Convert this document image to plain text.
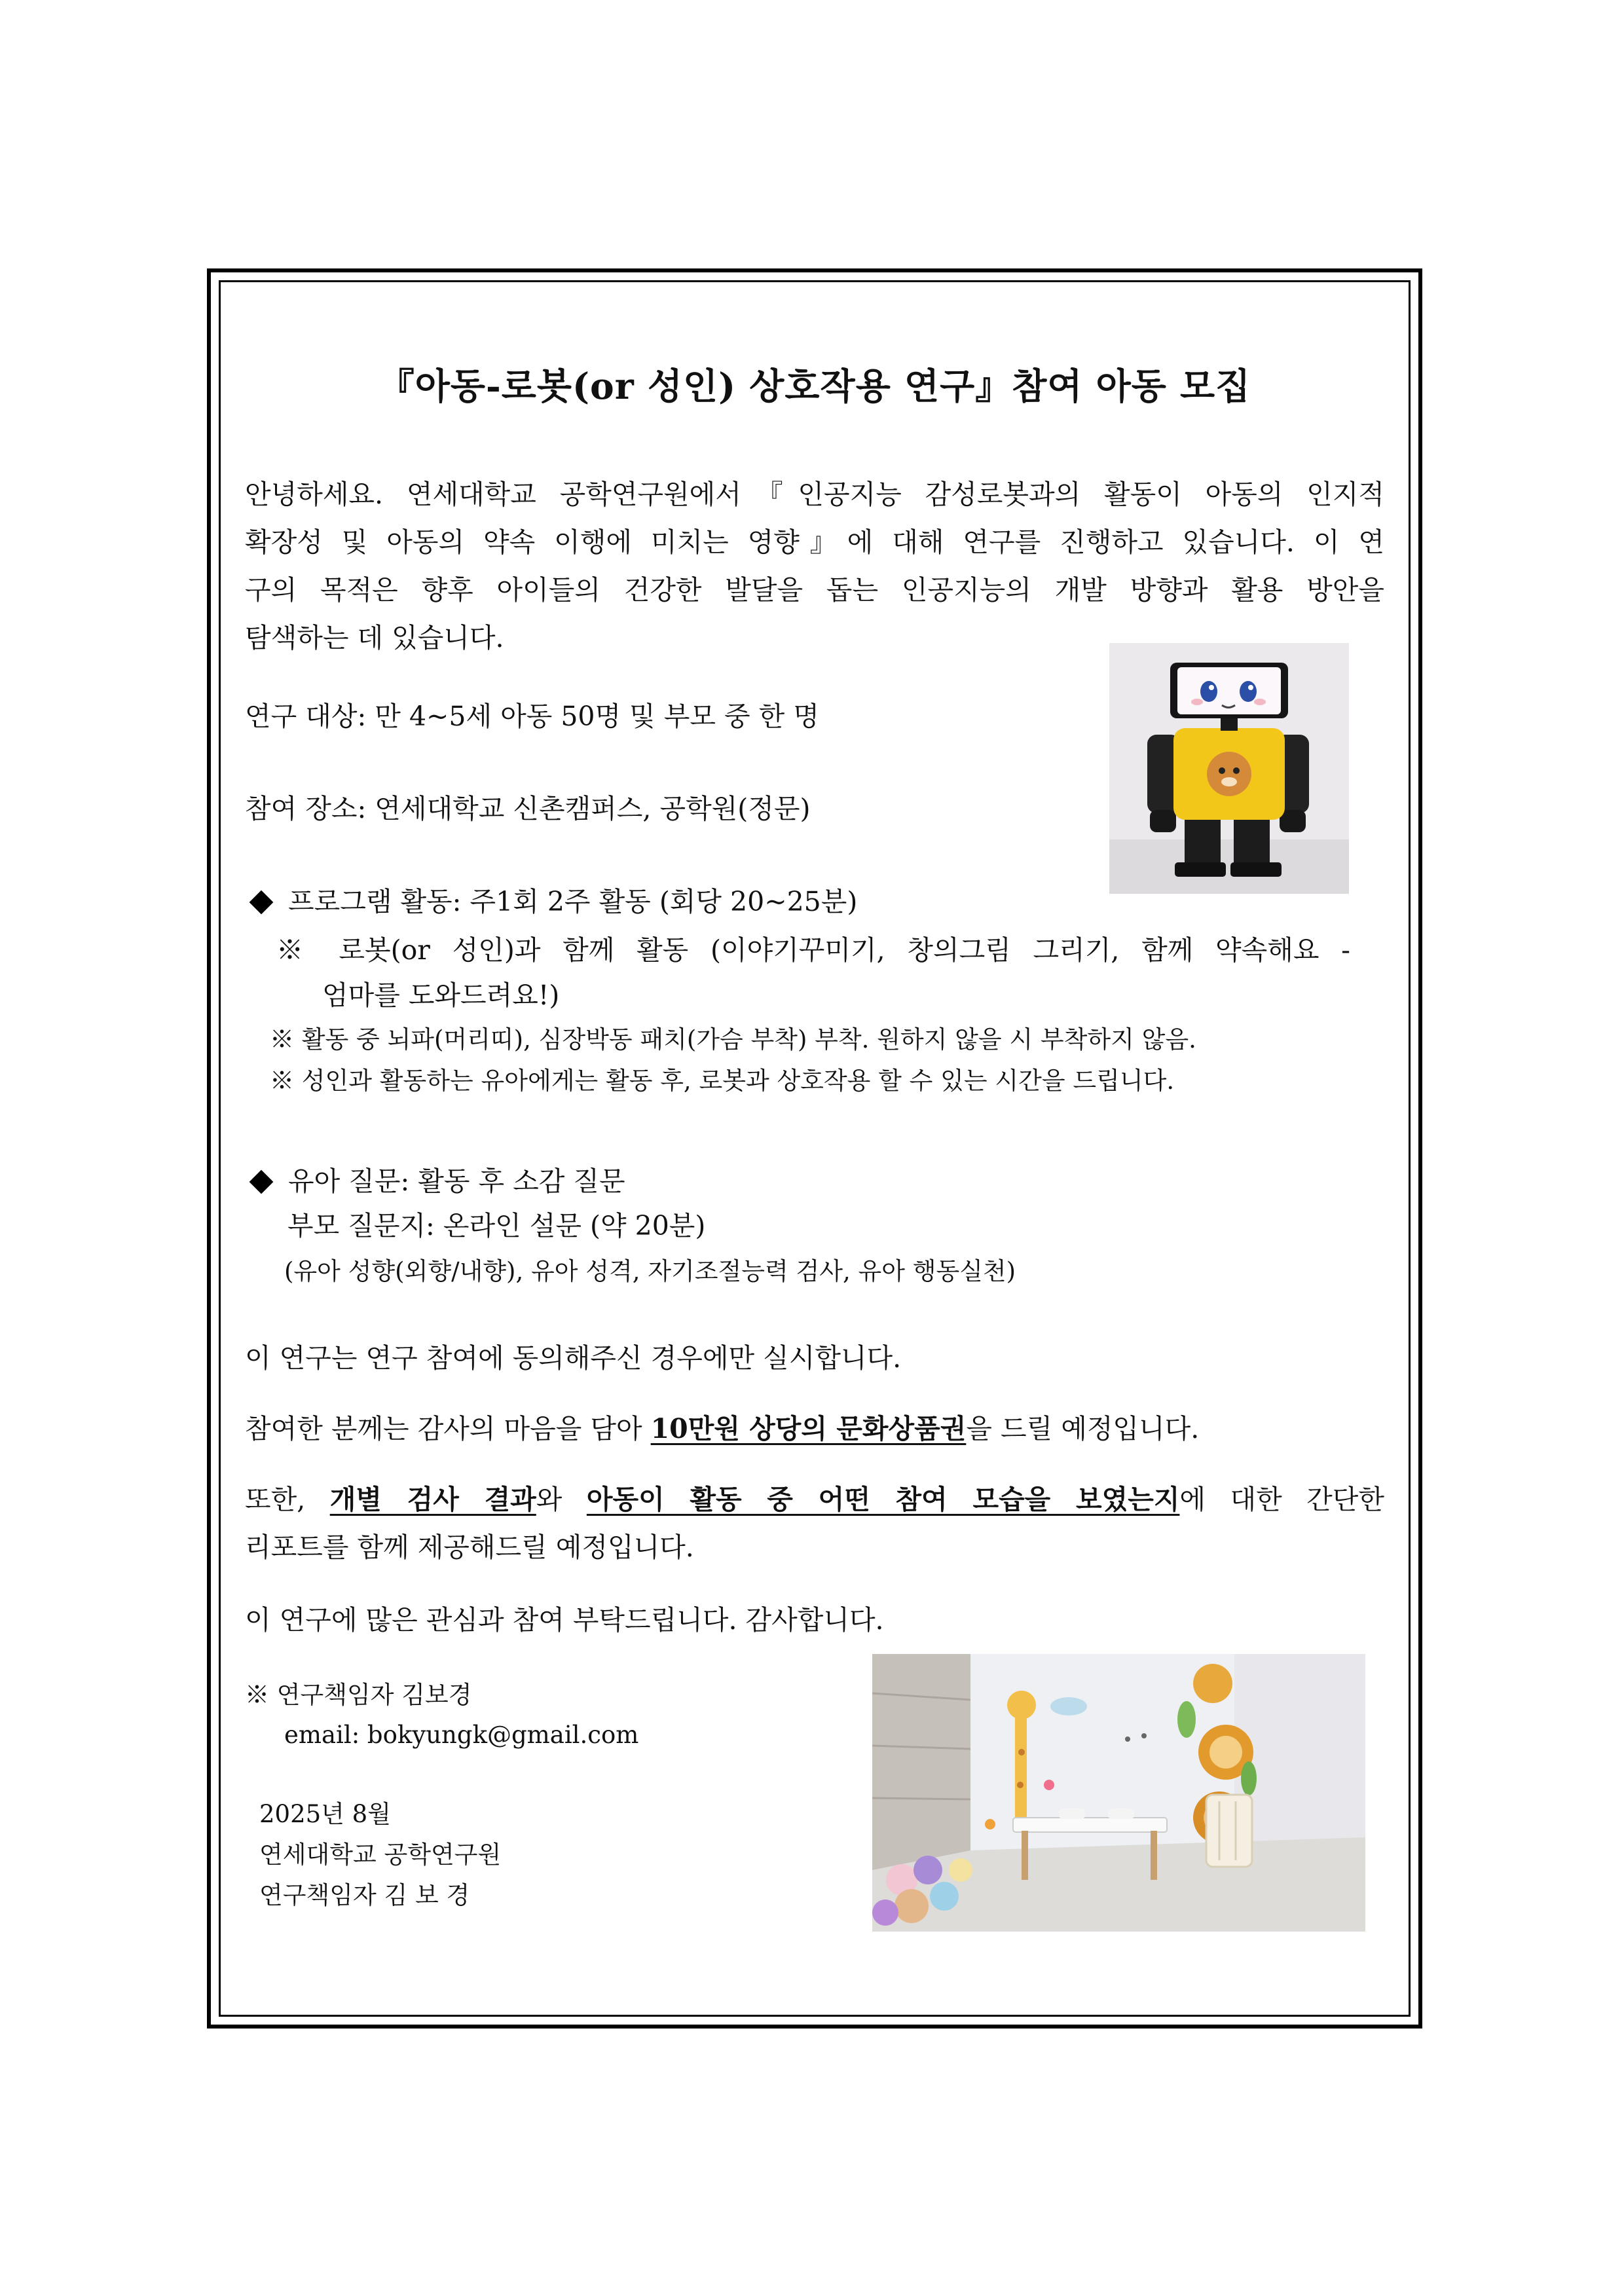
『아동-로봇(or 성인) 상호작용 연구』참여 아동 모집
안녕하세요. 연세대학교 공학연구원에서『인공지능 감성로봇과의 활동이 아동의 인지적
확장성 및 아동의 약속 이행에 미치는 영향』에 대해 연구를 진행하고 있습니다. 이 연
구의 목적은 향후 아이들의 건강한 발달을 돕는 인공지능의 개발 방향과 활용 방안을
탐색하는 데 있습니다.
연구 대상: 만 4~5세 아동 50명 및 부모 중 한 명
참여 장소: 연세대학교 신촌캠퍼스, 공학원(정문)
프로그램 활동: 주1회 2주 활동 (회당 20~25분)
※ 로봇(or 성인)과 함께 활동 (이야기꾸미기, 창의그림 그리기, 함께 약속해요 -
엄마를 도와드려요!)
※ 활동 중 뇌파(머리띠), 심장박동 패치(가슴 부착) 부착. 원하지 않을 시 부착하지 않음.
※ 성인과 활동하는 유아에게는 활동 후, 로봇과 상호작용 할 수 있는 시간을 드립니다.
유아 질문: 활동 후 소감 질문
부모 질문지: 온라인 설문 (약 20분)
(유아 성향(외향/내향), 유아 성격, 자기조절능력 검사, 유아 행동실천)
이 연구는 연구 참여에 동의해주신 경우에만 실시합니다.
참여한 분께는 감사의 마음을 담아 10만원 상당의 문화상품권을 드릴 예정입니다.
또한, 개별 검사 결과와 아동이 활동 중 어떤 참여 모습을 보였는지에 대한 간단한
리포트를 함께 제공해드릴 예정입니다.
이 연구에 많은 관심과 참여 부탁드립니다. 감사합니다.
※ 연구책임자 김보경
email: bokyungk@gmail.com
2025년 8월
연세대학교 공학연구원
연구책임자 김 보 경
